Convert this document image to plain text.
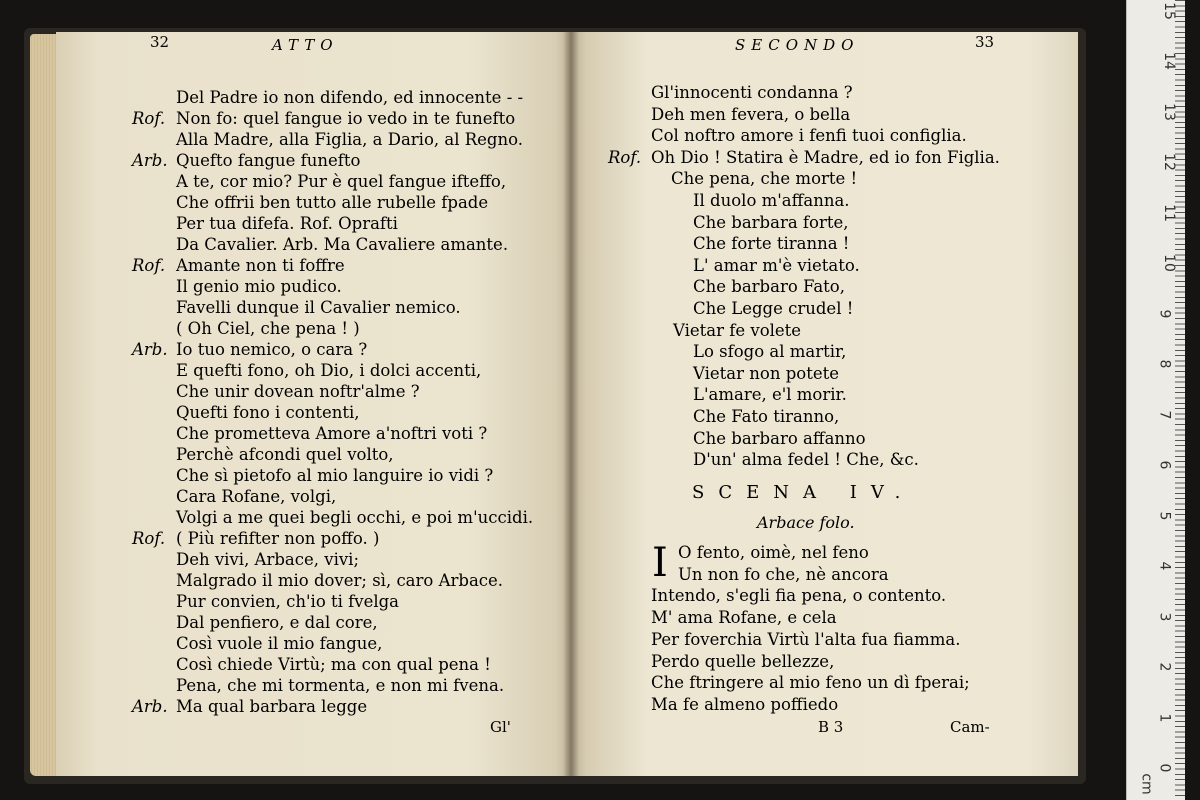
32	ATTO	SECONDO	33
Del Padre io non difendo, ed innocente - -
Rof. Non fo: quel fangue io vedo in te funefto
Alla Madre, alla Figlia, a Dario, al Regno.
Arb. Quefto fangue funefto
A te, cor mio? Pur è quel fangue ifteffo,
Che offrii ben tutto alle rubelle fpade
Per tua difefa. Rof. Oprafti
Da Cavalier. Arb. Ma Cavaliere amante.
Rof. Amante non ti foffre
Il genio mio pudico.
Favelli dunque il Cavalier nemico.
( Oh Ciel, che pena ! )
Arb. Io tuo nemico, o cara ?
E quefti fono, oh Dio, i dolci accenti,
Che unir dovean noftr'alme ?
Quefti fono i contenti,
Che prometteva Amore a'noftri voti ?
Perchè afcondi quel volto,
Che sì pietofo al mio languire io vidi ?
Cara Rofane, volgi,
Volgi a me quei begli occhi, e poi m'uccidi.
Rof. ( Più refifter non poffo. )
Deh vivi, Arbace, vivi;
Malgrado il mio dover; sì, caro Arbace.
Pur convien, ch'io ti fvelga
Dal penfiero, e dal core,
Così vuole il mio fangue,
Così chiede Virtù; ma con qual pena !
Pena, che mi tormenta, e non mi fvena.
Arb. Ma qual barbara legge
Gl'
Gl'innocenti condanna ?
Deh men fevera, o bella
Col noftro amore i fenfi tuoi configlia.
Rof. Oh Dio ! Statira è Madre, ed io fon Figlia.
Che pena, che morte !
Il duolo m'affanna.
Che barbara forte,
Che forte tiranna !
L' amar m'è vietato.
Che barbaro Fato,
Che Legge crudel !
Vietar fe volete
Lo sfogo al martir,
Vietar non potete
L'amare, e'l morir.
Che Fato tiranno,
Che barbaro affanno
D'un' alma fedel ! Che, &c.
SCENA IV.
Arbace folo.
I O fento, oimè, nel feno
Un non fo che, nè ancora
Intendo, s'egli fia pena, o contento.
M' ama Rofane, e cela
Per foverchia Virtù l'alta fua fiamma.
Perdo quelle bellezze,
Che ftringere al mio feno un dì fperai;
Ma fe almeno poffiedo
B 3	Cam-
0
1
2
3
4
5
6
7
8
9
10
11
12
13
14
15
cm
